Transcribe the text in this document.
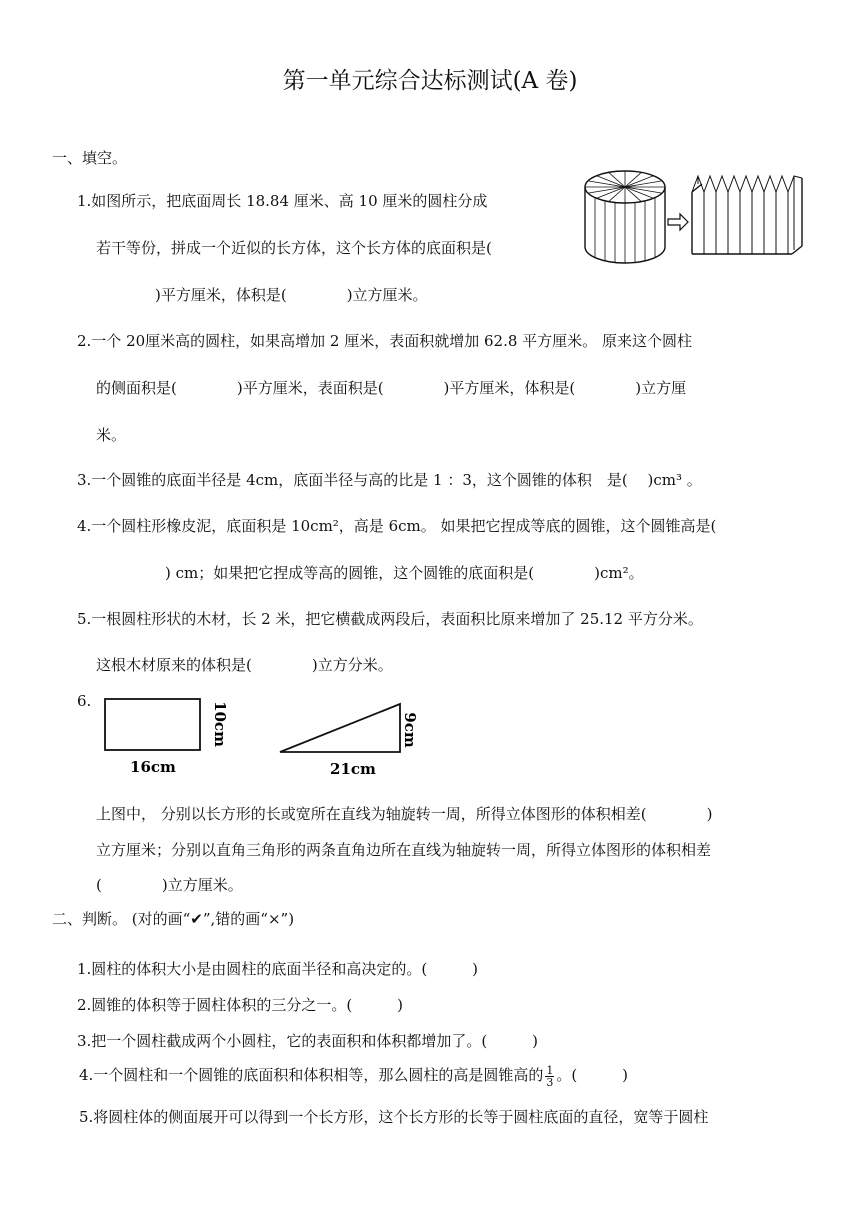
第一单元综合达标测试(A 卷)
一、填空。
1.如图所示，把底面周长 18.84 厘米、高 10 厘米的圆柱分成
若干等份，拼成一个近似的长方体，这个长方体的底面积是(
)平方厘米，体积是(　　　　)立方厘米。
2.一个 20厘米高的圆柱，如果高增加 2 厘米，表面积就增加 62.8 平方厘米。 原来这个圆柱
的侧面积是(　　　　)平方厘米，表面积是(　　　　)平方厘米，体积是(　　　　)立方厘
米。
3.一个圆锥的底面半径是 4cm，底面半径与高的比是 1 ：3，这个圆锥的体积　是(　 )cm³ 。
4.一个圆柱形橡皮泥，底面积是 10cm²，高是 6cm。 如果把它捏成等底的圆锥，这个圆锥高是(
) cm；如果把它捏成等高的圆锥，这个圆锥的底面积是(　　　　)cm²。
5.一根圆柱形状的木材，长 2 米，把它横截成两段后，表面积比原来增加了 25.12 平方分米。
这根木材原来的体积是(　　　　)立方分米。
6.
16cm
10cm
21cm
9cm
上图中， 分别以长方形的长或宽所在直线为轴旋转一周，所得立体图形的体积相差(　　　　)
立方厘米；分别以直角三角形的两条直角边所在直线为轴旋转一周，所得立体图形的体积相差
(　　　　)立方厘米。
二、判断。 (对的画“✔”,错的画“×”)
1.圆柱的体积大小是由圆柱的底面半径和高决定的。(　　　)
2.圆锥的体积等于圆柱体积的三分之一。(　　　)
3.把一个圆柱截成两个小圆柱，它的表面积和体积都增加了。(　　　)
4.一个圆柱和一个圆锥的底面积和体积相等，那么圆柱的高是圆锥高的 $\frac{1}{3}$ 。(　　　)
5.将圆柱体的侧面展开可以得到一个长方形，这个长方形的长等于圆柱底面的直径，宽等于圆柱
